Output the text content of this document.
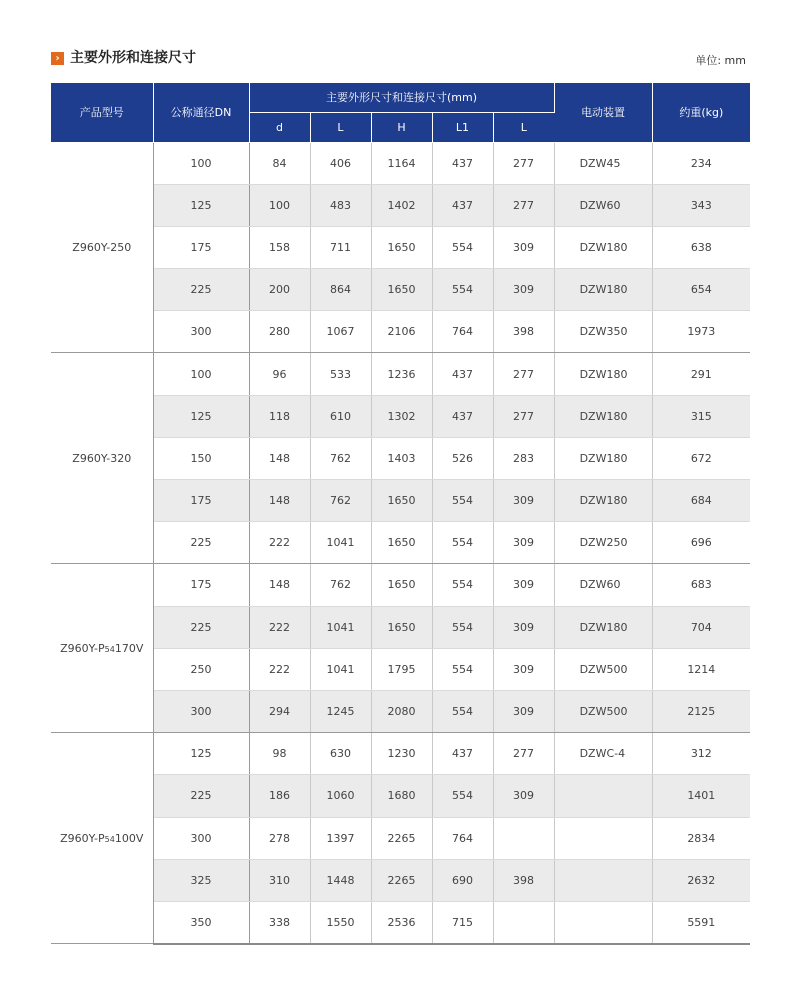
› 主要外形和连接尺寸	单位: mm
产品型号	公称通径DN	主要外形尺寸和连接尺寸(mm)					电动装置	约重(kg)
		d	L	H	L1	L		
Z960Y-250	100	84	406	1164	437	277	DZW45	234
	125	100	483	1402	437	277	DZW60	343
	175	158	711	1650	554	309	DZW180	638
	225	200	864	1650	554	309	DZW180	654
	300	280	1067	2106	764	398	DZW350	1973
Z960Y-320	100	96	533	1236	437	277	DZW180	291
	125	118	610	1302	437	277	DZW180	315
	150	148	762	1403	526	283	DZW180	672
	175	148	762	1650	554	309	DZW180	684
	225	222	1041	1650	554	309	DZW250	696
Z960Y-P54170V	175	148	762	1650	554	309	DZW60	683
	225	222	1041	1650	554	309	DZW180	704
	250	222	1041	1795	554	309	DZW500	1214
	300	294	1245	2080	554	309	DZW500	2125
Z960Y-P54100V	125	98	630	1230	437	277	DZWC-4	312
	225	186	1060	1680	554	309		1401
	300	278	1397	2265	764			2834
	325	310	1448	2265	690	398		2632
	350	338	1550	2536	715			5591
